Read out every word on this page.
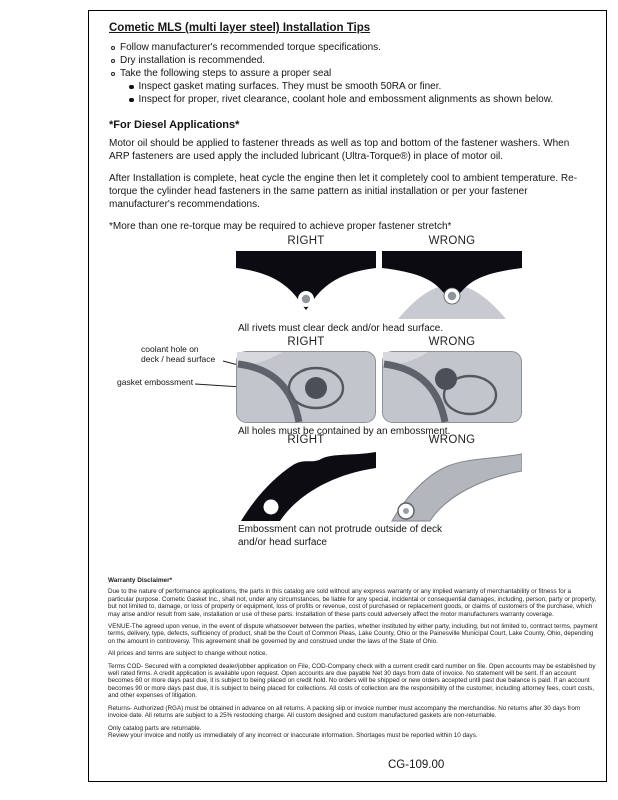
Cometic MLS (multi layer steel) Installation Tips
Follow manufacturer's recommended torque specifications.
Dry installation is recommended.
Take the following steps to assure a proper seal
Inspect gasket mating surfaces. They must be smooth 50RA or finer.
Inspect for proper, rivet clearance, coolant hole and embossment alignments as shown below.
*For Diesel Applications*

Motor oil should be applied to fastener threads as well as top and bottom of the fastener washers. When ARP fasteners are used apply the included lubricant (Ultra-Torque®) in place of motor oil.

After Installation is complete, heat cycle the engine then let it completely cool to ambient temperature. Re-torque the cylinder head fasteners in the same pattern as initial installation or per your fastener manufacturer's recommendations.

*More than one re-torque may be required to achieve proper fastener stretch*

RIGHT	WRONG
All rivets must clear deck and/or head surface.
RIGHT	WRONG
coolant hole on
deck / head surface
gasket embossment
All holes must be contained by an embossment.
RIGHT	WRONG
Embossment can not protrude outside of deck and/or head surface
Warranty Disclaimer*

Due to the nature of performance applications, the parts in this catalog are sold without any express warranty or any implied warranty of merchantability or fitness for a particular purpose. Cometic Gasket Inc., shall not, under any circumstances, be liable for any special, incidental or consequential damages, including, person, party or property, but not limited to, damage, or loss of property or equipment, loss of profits or revenue, cost of purchased or replacement goods, or claims of customers of the purchase, which may arise and/or result from sale, installation or use of these parts. Installation of these parts could adversely affect the motor manufacturers warranty coverage.

VENUE-The agreed upon venue, in the event of dispute whatsoever between the parties, whether instituted by either party, including, but not limited to, contract terms, payment terms, delivery, type, defects, sufficiency of product, shall be the Court of Common Pleas, Lake County, Ohio or the Painesville Municipal Court, Lake County, Ohio, depending on the amount in controversy. This agreement shall be governed by and construed under the laws of the State of Ohio.

All prices and terms are subject to change without notice.

Terms COD- Secured with a completed dealer/jobber application on File, COD-Company check with a current credit card number on file. Open accounts may be established by well rated firms. A credit application is available upon request. Open accounts are due payable Net 30 days from date of invoice. No statement will be sent. If an account becomes 60 or more days past due, it is subject to being placed on credit hold. No orders will be shipped or new orders accepted until past due balance is paid. If an account becomes 90 or more days past due, it is subject to being placed for collections. All costs of collection are the responsibility of the customer, including attorney fees, court costs, and other expenses of litigation.

Returns- Authorized (RGA) must be obtained in advance on all returns. A packing slip or invoice number must accompany the merchandise. No returns after 30 days from invoice date. All returns are subject to a 25% restocking charge. All custom designed and custom manufactured gaskets are non-returnable.

Only catalog parts are returnable.

Review your invoice and notify us immediately of any incorrect or inaccurate information. Shortages must be reported within 10 days.

CG-109.00
